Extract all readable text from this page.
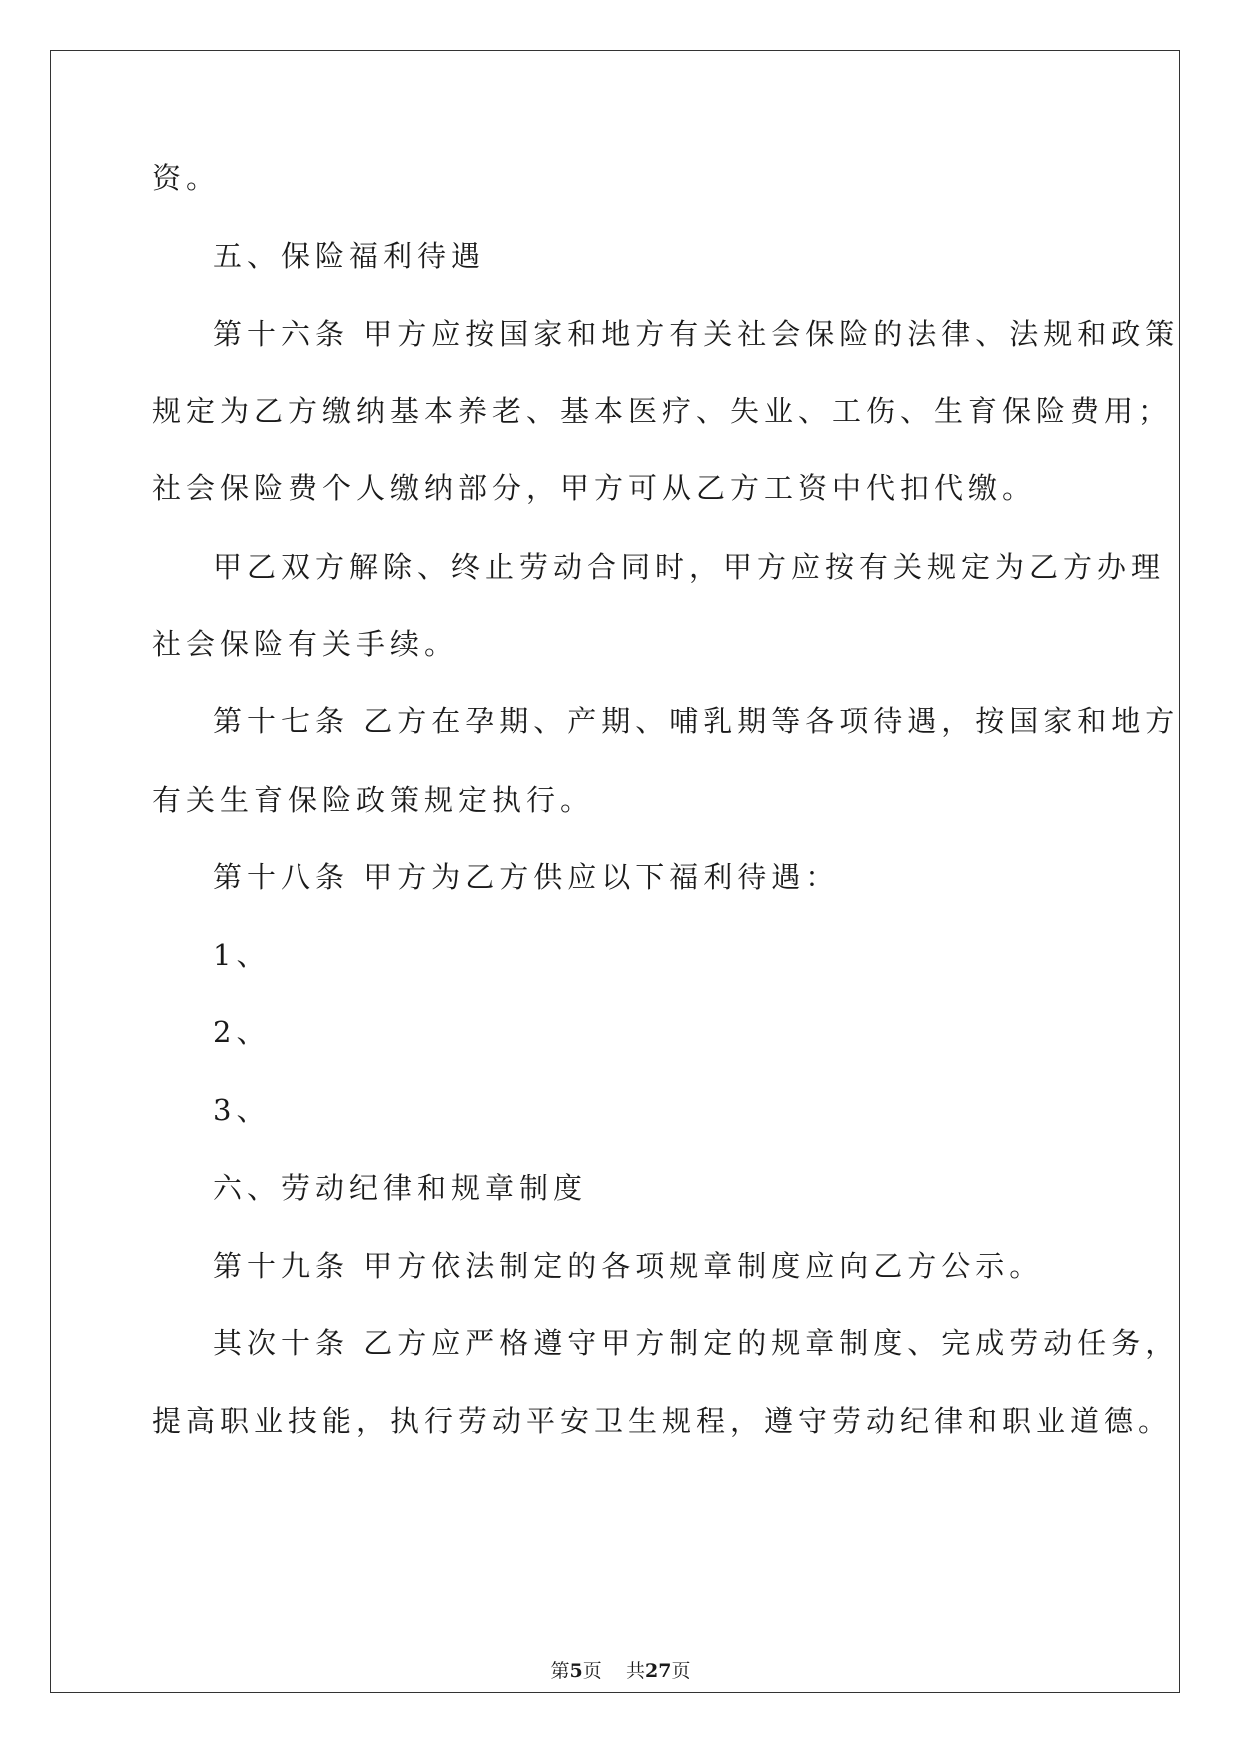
资。
五、保险福利待遇
第十六条 甲方应按国家和地方有关社会保险的法律、法规和政策
规定为乙方缴纳基本养老、基本医疗、失业、工伤、生育保险费用；
社会保险费个人缴纳部分，甲方可从乙方工资中代扣代缴。
甲乙双方解除、终止劳动合同时，甲方应按有关规定为乙方办理
社会保险有关手续。
第十七条 乙方在孕期、产期、哺乳期等各项待遇，按国家和地方
有关生育保险政策规定执行。
第十八条 甲方为乙方供应以下福利待遇：
1、
2、
3、
六、劳动纪律和规章制度
第十九条 甲方依法制定的各项规章制度应向乙方公示。
其次十条 乙方应严格遵守甲方制定的规章制度、完成劳动任务，
提高职业技能，执行劳动平安卫生规程，遵守劳动纪律和职业道德。
第5页 共27页
